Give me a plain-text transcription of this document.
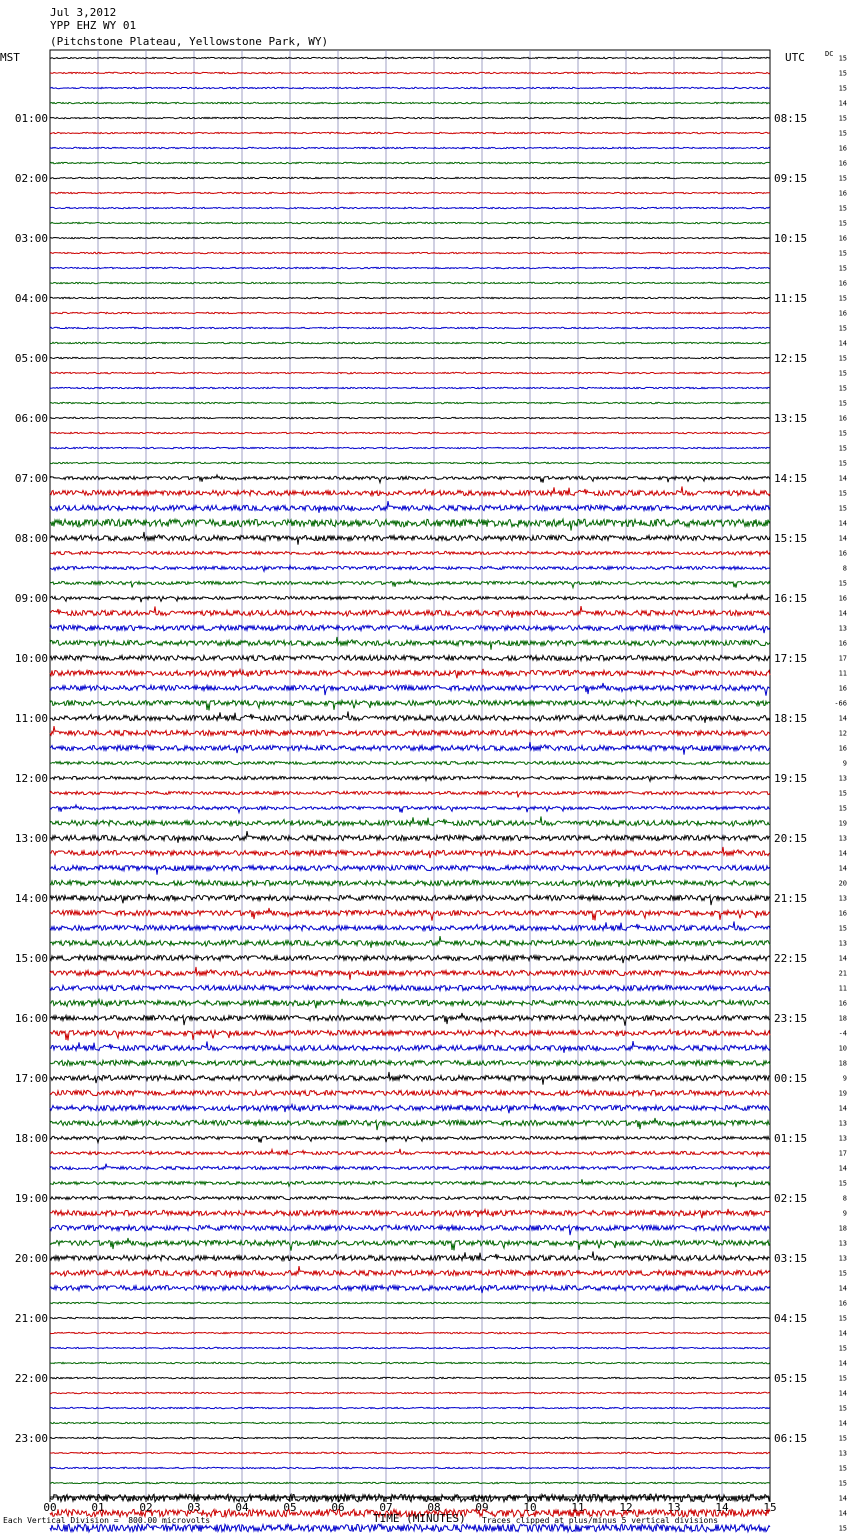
Jul 3,2012
YPP EHZ WY 01
(Pitchstone Plateau, Yellowstone Park, WY)
MST	UTC	DC
00	01	02	03	04	05	06	07	08	09	10	11	12	13	14	15
15
15
15
14
15
15
16
16
15
16
15
15
16
15
15
16
15
16
15
14
15
15
15
15
16
15
15
15
14
15
15
14
14
16
8
15
16
14
13
16
17
11
16
-66
14
12
16
9
13
15
15
19
13
14
14
20
13
16
15
13
14
21
11
16
18
-4
10
18
9
19
14
13
13
17
14
15
8
9
18
13
13
15
14
16
15
14
15
14
15
14
15
14
15
13
15
15
14
14
15
01:00	08:15
02:00	09:15
03:00	10:15
04:00	11:15
05:00	12:15
06:00	13:15
07:00	14:15
08:00	15:15
09:00	16:15
10:00	17:15
11:00	18:15
12:00	19:15
13:00	20:15
14:00	21:15
15:00	22:15
16:00	23:15
17:00	00:15
18:00	01:15
19:00	02:15
20:00	03:15
21:00	04:15
22:00	05:15
23:00	06:15
Each Vertical Division =  800.00 microvolts	TIME (MINUTES) Traces clipped at plus/minus 5 vertical divisions
